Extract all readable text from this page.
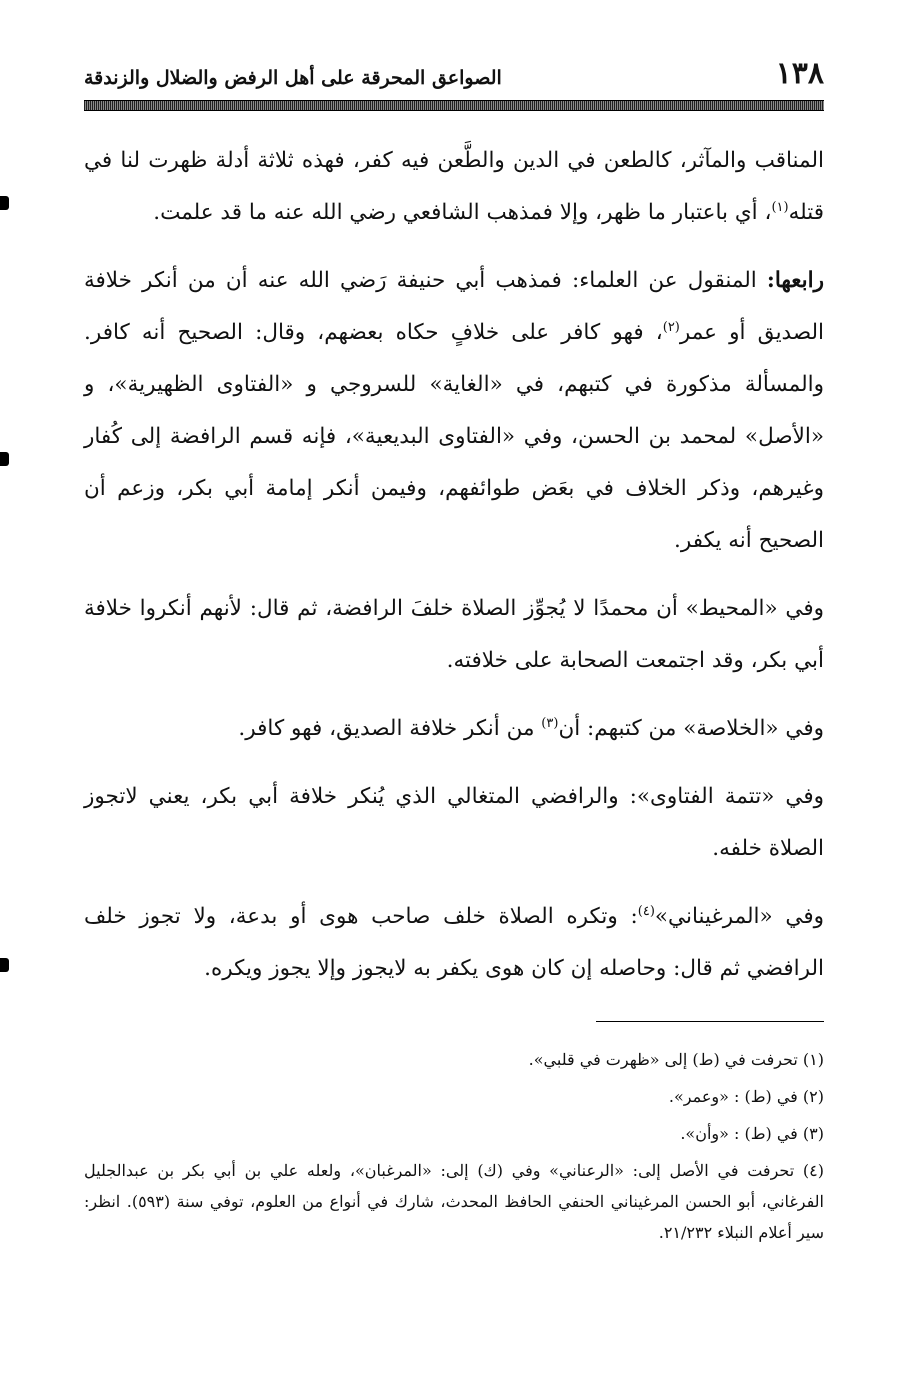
١٣٨
الصواعق المحرقة على أهل الرفض والضلال والزندقة

المناقب والمآثر، كالطعن في الدين والطَّعن فيه كفر، فهذه ثلاثة أدلة ظهرت لنا في قتله$^{(١)}$، أي باعتبار ما ظهر، وإلا فمذهب الشافعي رضي الله عنه ما قد علمت.

رابعها: المنقول عن العلماء: فمذهب أبي حنيفة رَضي الله عنه أن من أنكر خلافة الصديق أو عمر$^{(٢)}$، فهو كافر على خلافٍ حكاه بعضهم، وقال: الصحيح أنه كافر. والمسألة مذكورة في كتبهم، في «الغاية» للسروجي و «الفتاوى الظهيرية»، و «الأصل» لمحمد بن الحسن، وفي «الفتاوى البديعية»، فإنه قسم الرافضة إلى كُفار وغيرهم، وذكر الخلاف في بعَض طوائفهم، وفيمن أنكر إمامة أبي بكر، وزعم أن الصحيح أنه يكفر.

وفي «المحيط» أن محمدًا لا يُجوِّز الصلاة خلفَ الرافضة، ثم قال: لأنهم أنكروا خلافة أبي بكر، وقد اجتمعت الصحابة على خلافته.

وفي «الخلاصة» من كتبهم: أن$^{(٣)}$ من أنكر خلافة الصديق، فهو كافر.

وفي «تتمة الفتاوى»: والرافضي المتغالي الذي يُنكر خلافة أبي بكر، يعني لاتجوز الصلاة خلفه.

وفي «المرغيناني»$^{(٤)}$: وتكره الصلاة خلف صاحب هوى أو بدعة، ولا تجوز خلف الرافضي ثم قال: وحاصله إن كان هوى يكفر به لايجوز وإلا يجوز ويكره.

(١) تحرفت في (ط) إلى «ظهرت في قلبي».

(٢) في (ط) : «وعمر».

(٣) في (ط) : «وأن».

(٤) تحرفت في الأصل إلى: «الرعناني» وفي (ك) إلى: «المرغبان»، ولعله علي بن أبي بكر بن عبدالجليل الفرغاني، أبو الحسن المرغيناني الحنفي الحافظ المحدث، شارك في أنواع من العلوم، توفي سنة (٥٩٣). انظر: سير أعلام النبلاء ٢١/٢٣٢.
